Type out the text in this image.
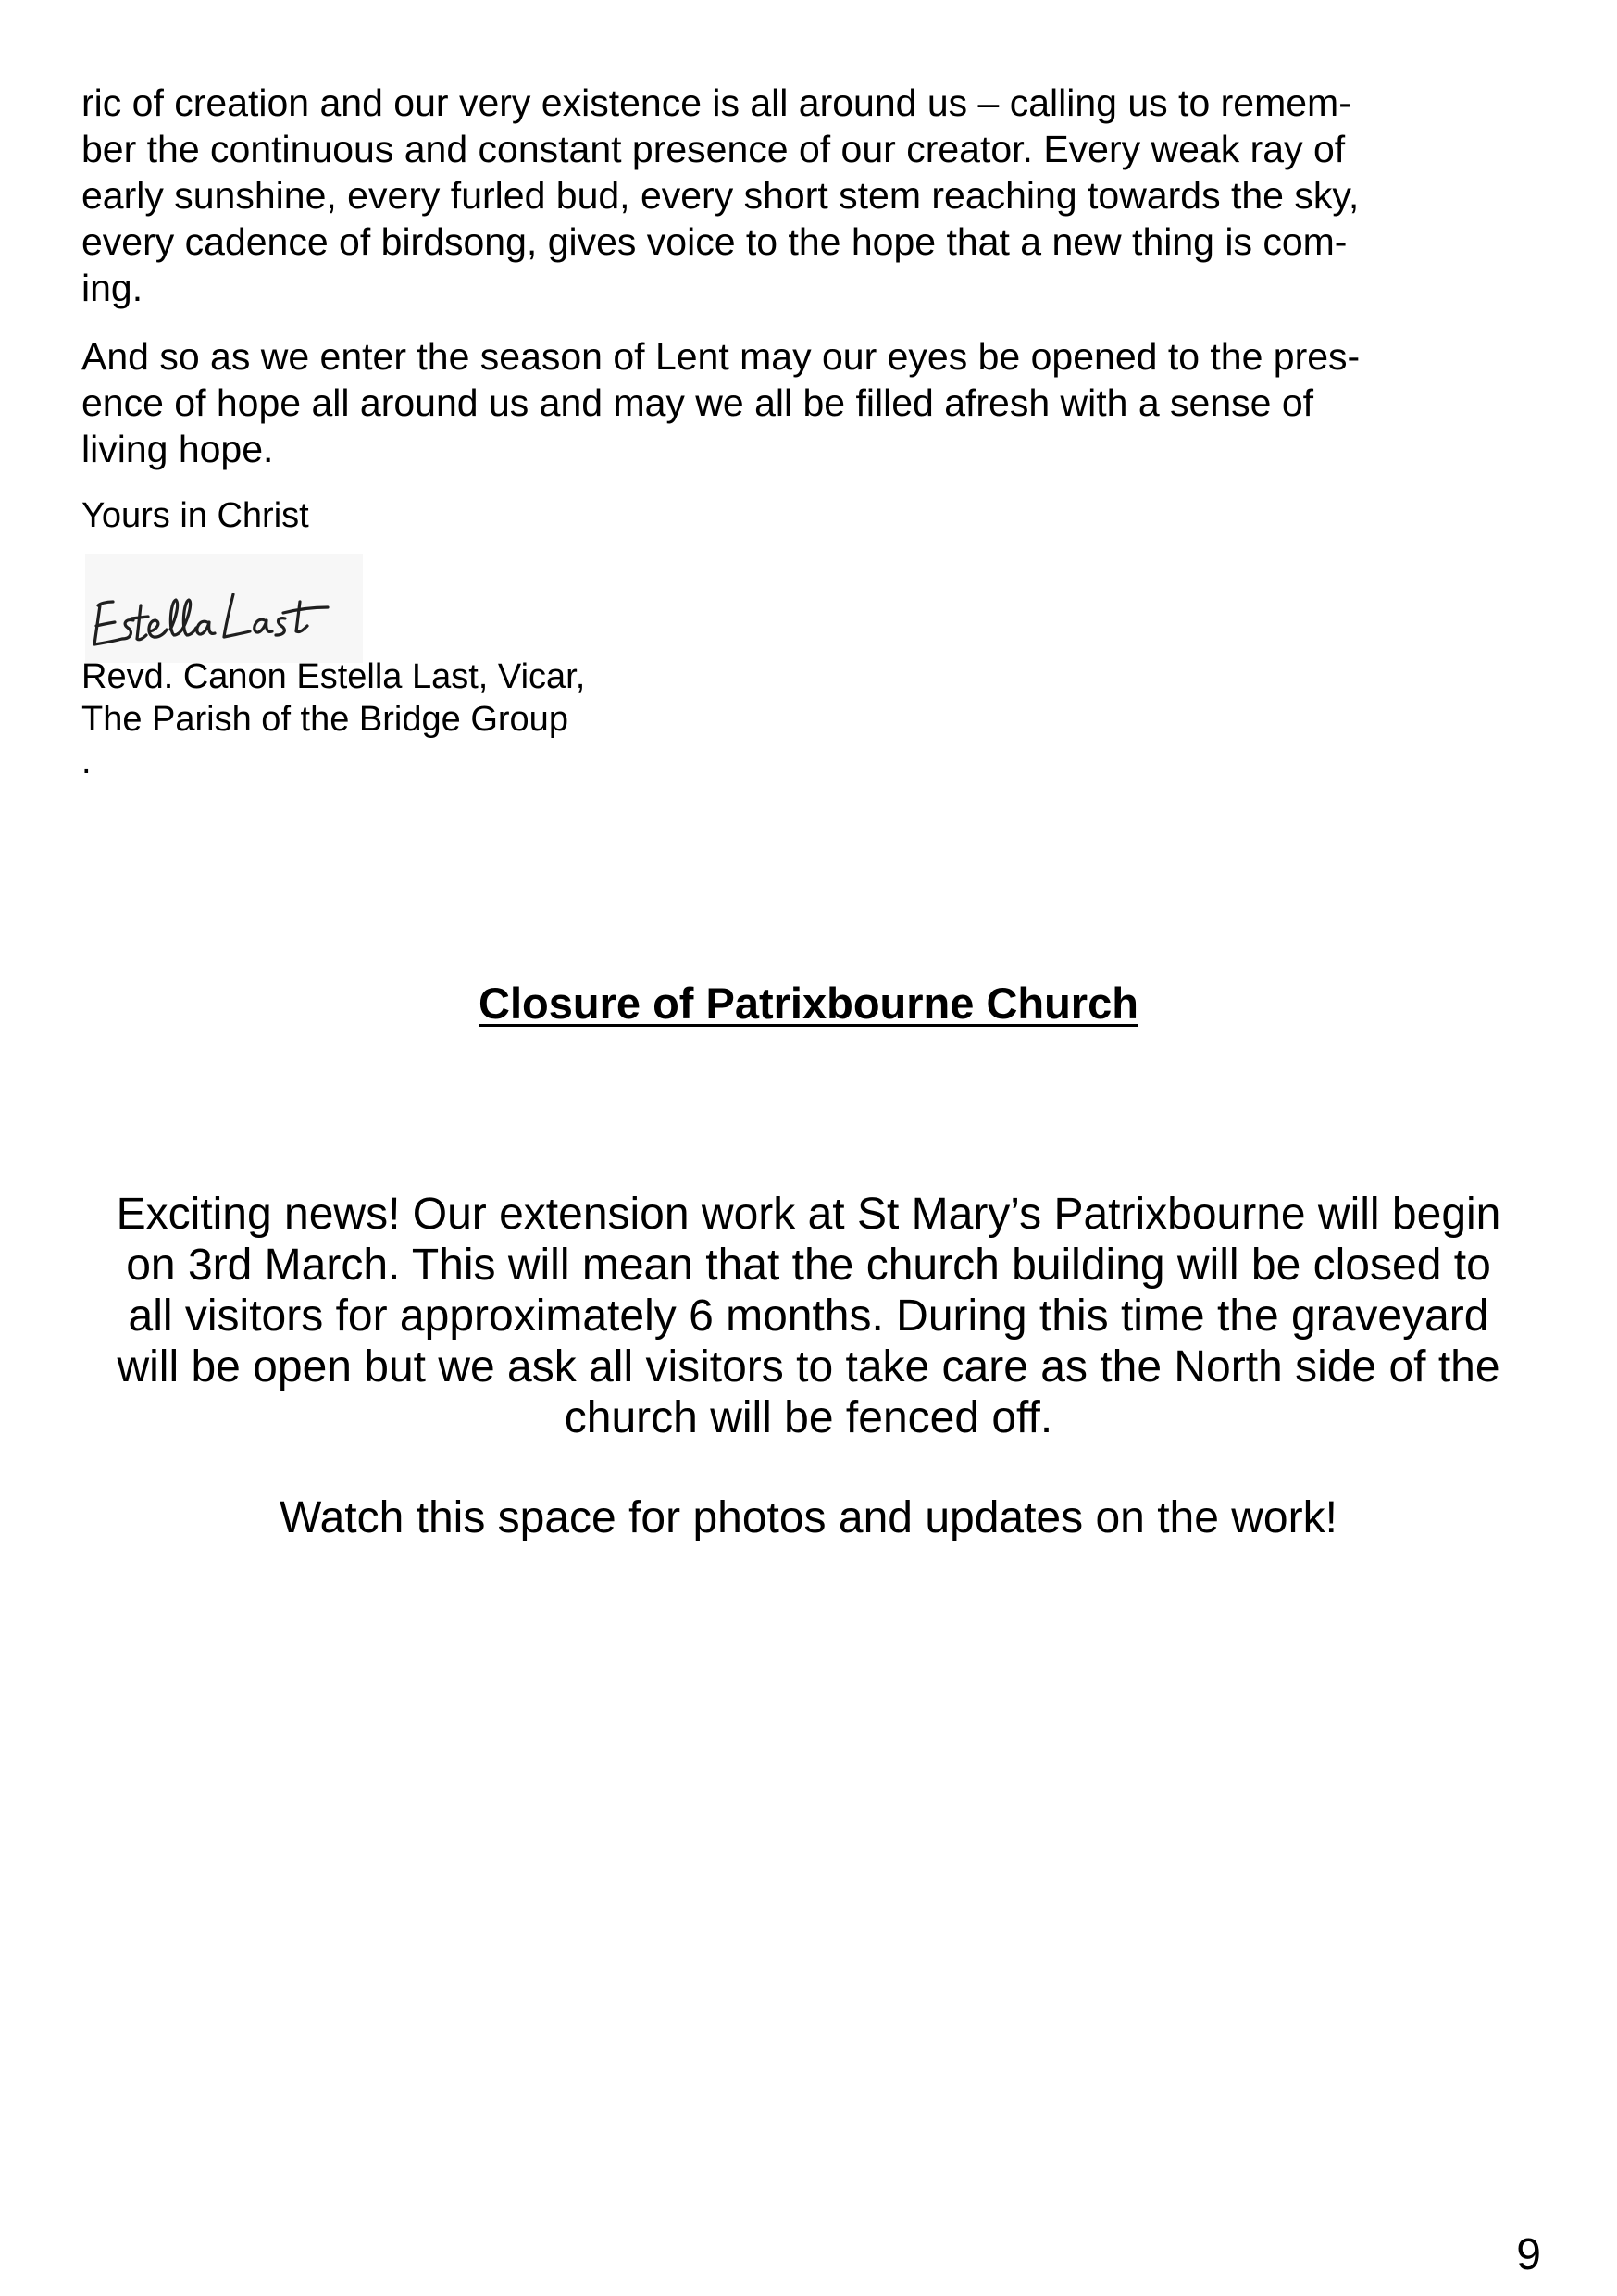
ric of creation and our very existence is all around us – calling us to remem-
ber the continuous and constant presence of our creator. Every weak ray of
early sunshine, every furled bud, every short stem reaching towards the sky,
every cadence of birdsong, gives voice to the hope that a new thing is com-
ing.

And so as we enter the season of Lent may our eyes be opened to the pres-
ence of hope all around us and may we all be filled afresh with a sense of
living hope.

Yours in Christ

Revd. Canon Estella Last, Vicar,

The Parish of the Bridge Group

.

Closure of Patrixbourne Church

Exciting news! Our extension work at St Mary’s Patrixbourne will begin
on 3rd March. This will mean that the church building will be closed to
all visitors for approximately 6 months. During this time the graveyard
will be open but we ask all visitors to take care as the North side of the
church will be fenced off.

Watch this space for photos and updates on the work!

9
